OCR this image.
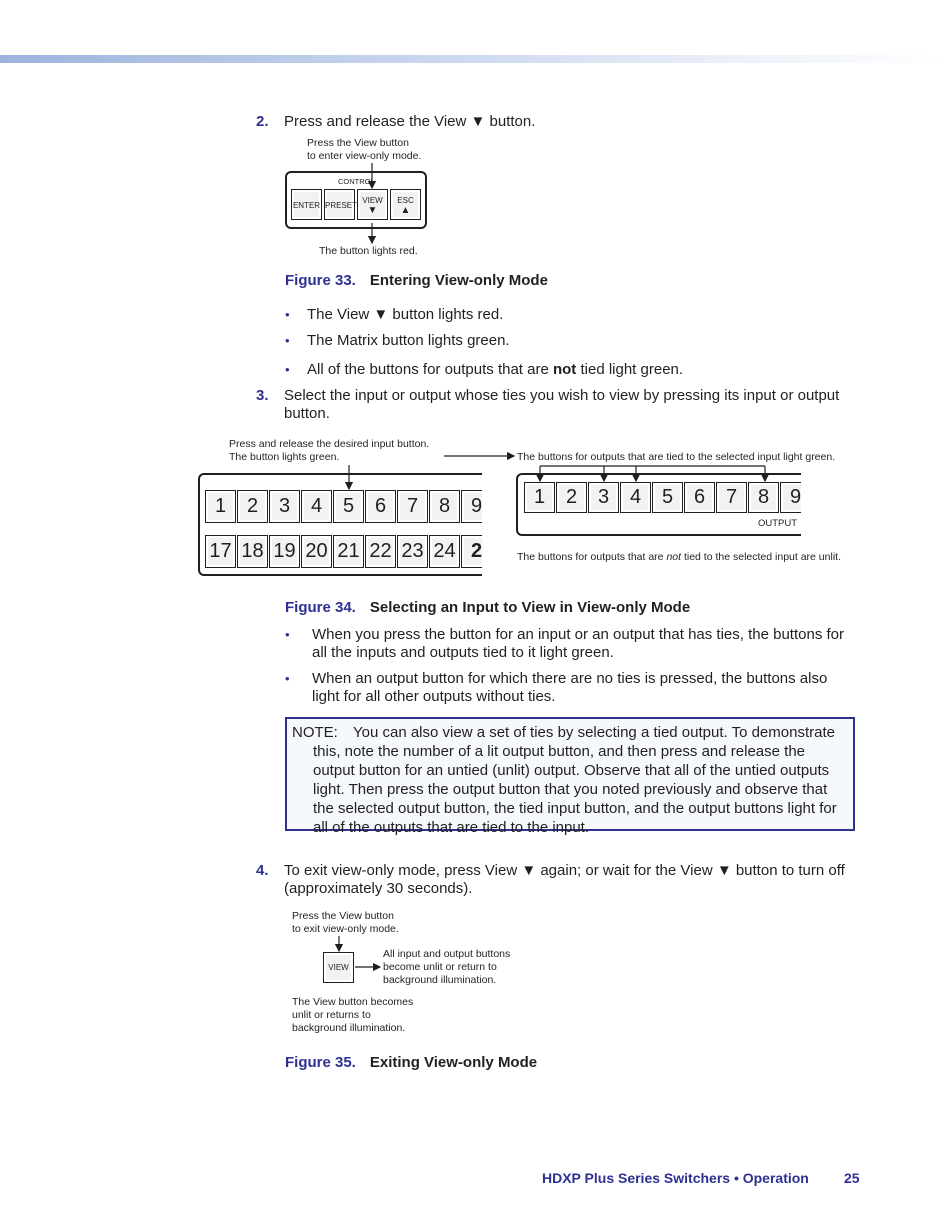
2. Press and release the View ▼ button.
Press the View button
to enter view-only mode.
CONTROL
ENTER PRESET
VIEW
▼
ESC
▲
The button lights red.
Figure 33. Entering View-only Mode
• The View ▼ button lights red.
• The Matrix button lights green.
• All of the buttons for outputs that are not tied light green.
3. Select the input or output whose ties you wish to view by pressing its input or output
button.
Press and release the desired input button.
The button lights green.	The buttons for outputs that are tied to the selected input light green.
1	2	3	4	5	6	7	8	9
17 18 19 20 21 22 23 24 2
1	2	3	4	5	6	7	8	9
OUTPUT
The buttons for outputs that are not tied to the selected input are unlit.
Figure 34. Selecting an Input to View in View-only Mode
• When you press the button for an input or an output that has ties, the buttons for
all the inputs and outputs tied to it light green.
• When an output button for which there are no ties is pressed, the buttons also
light for all other outputs without ties.
NOTE: You can also view a set of ties by selecting a tied output. To demonstrate
this, note the number of a lit output button, and then press and release the
output button for an untied (unlit) output. Observe that all of the untied outputs
light. Then press the output button that you noted previously and observe that
the selected output button, the tied input button, and the output buttons light for
all of the outputs that are tied to the input.
4. To exit view-only mode, press View ▼ again; or wait for the View ▼ button to turn off
(approximately 30 seconds).
Press the View button
to exit view-only mode.
VIEW
All input and output buttons
become unlit or return to
background illumination.
The View button becomes
unlit or returns to
background illumination.
Figure 35. Exiting View-only Mode
HDXP Plus Series Switchers • Operation	25
